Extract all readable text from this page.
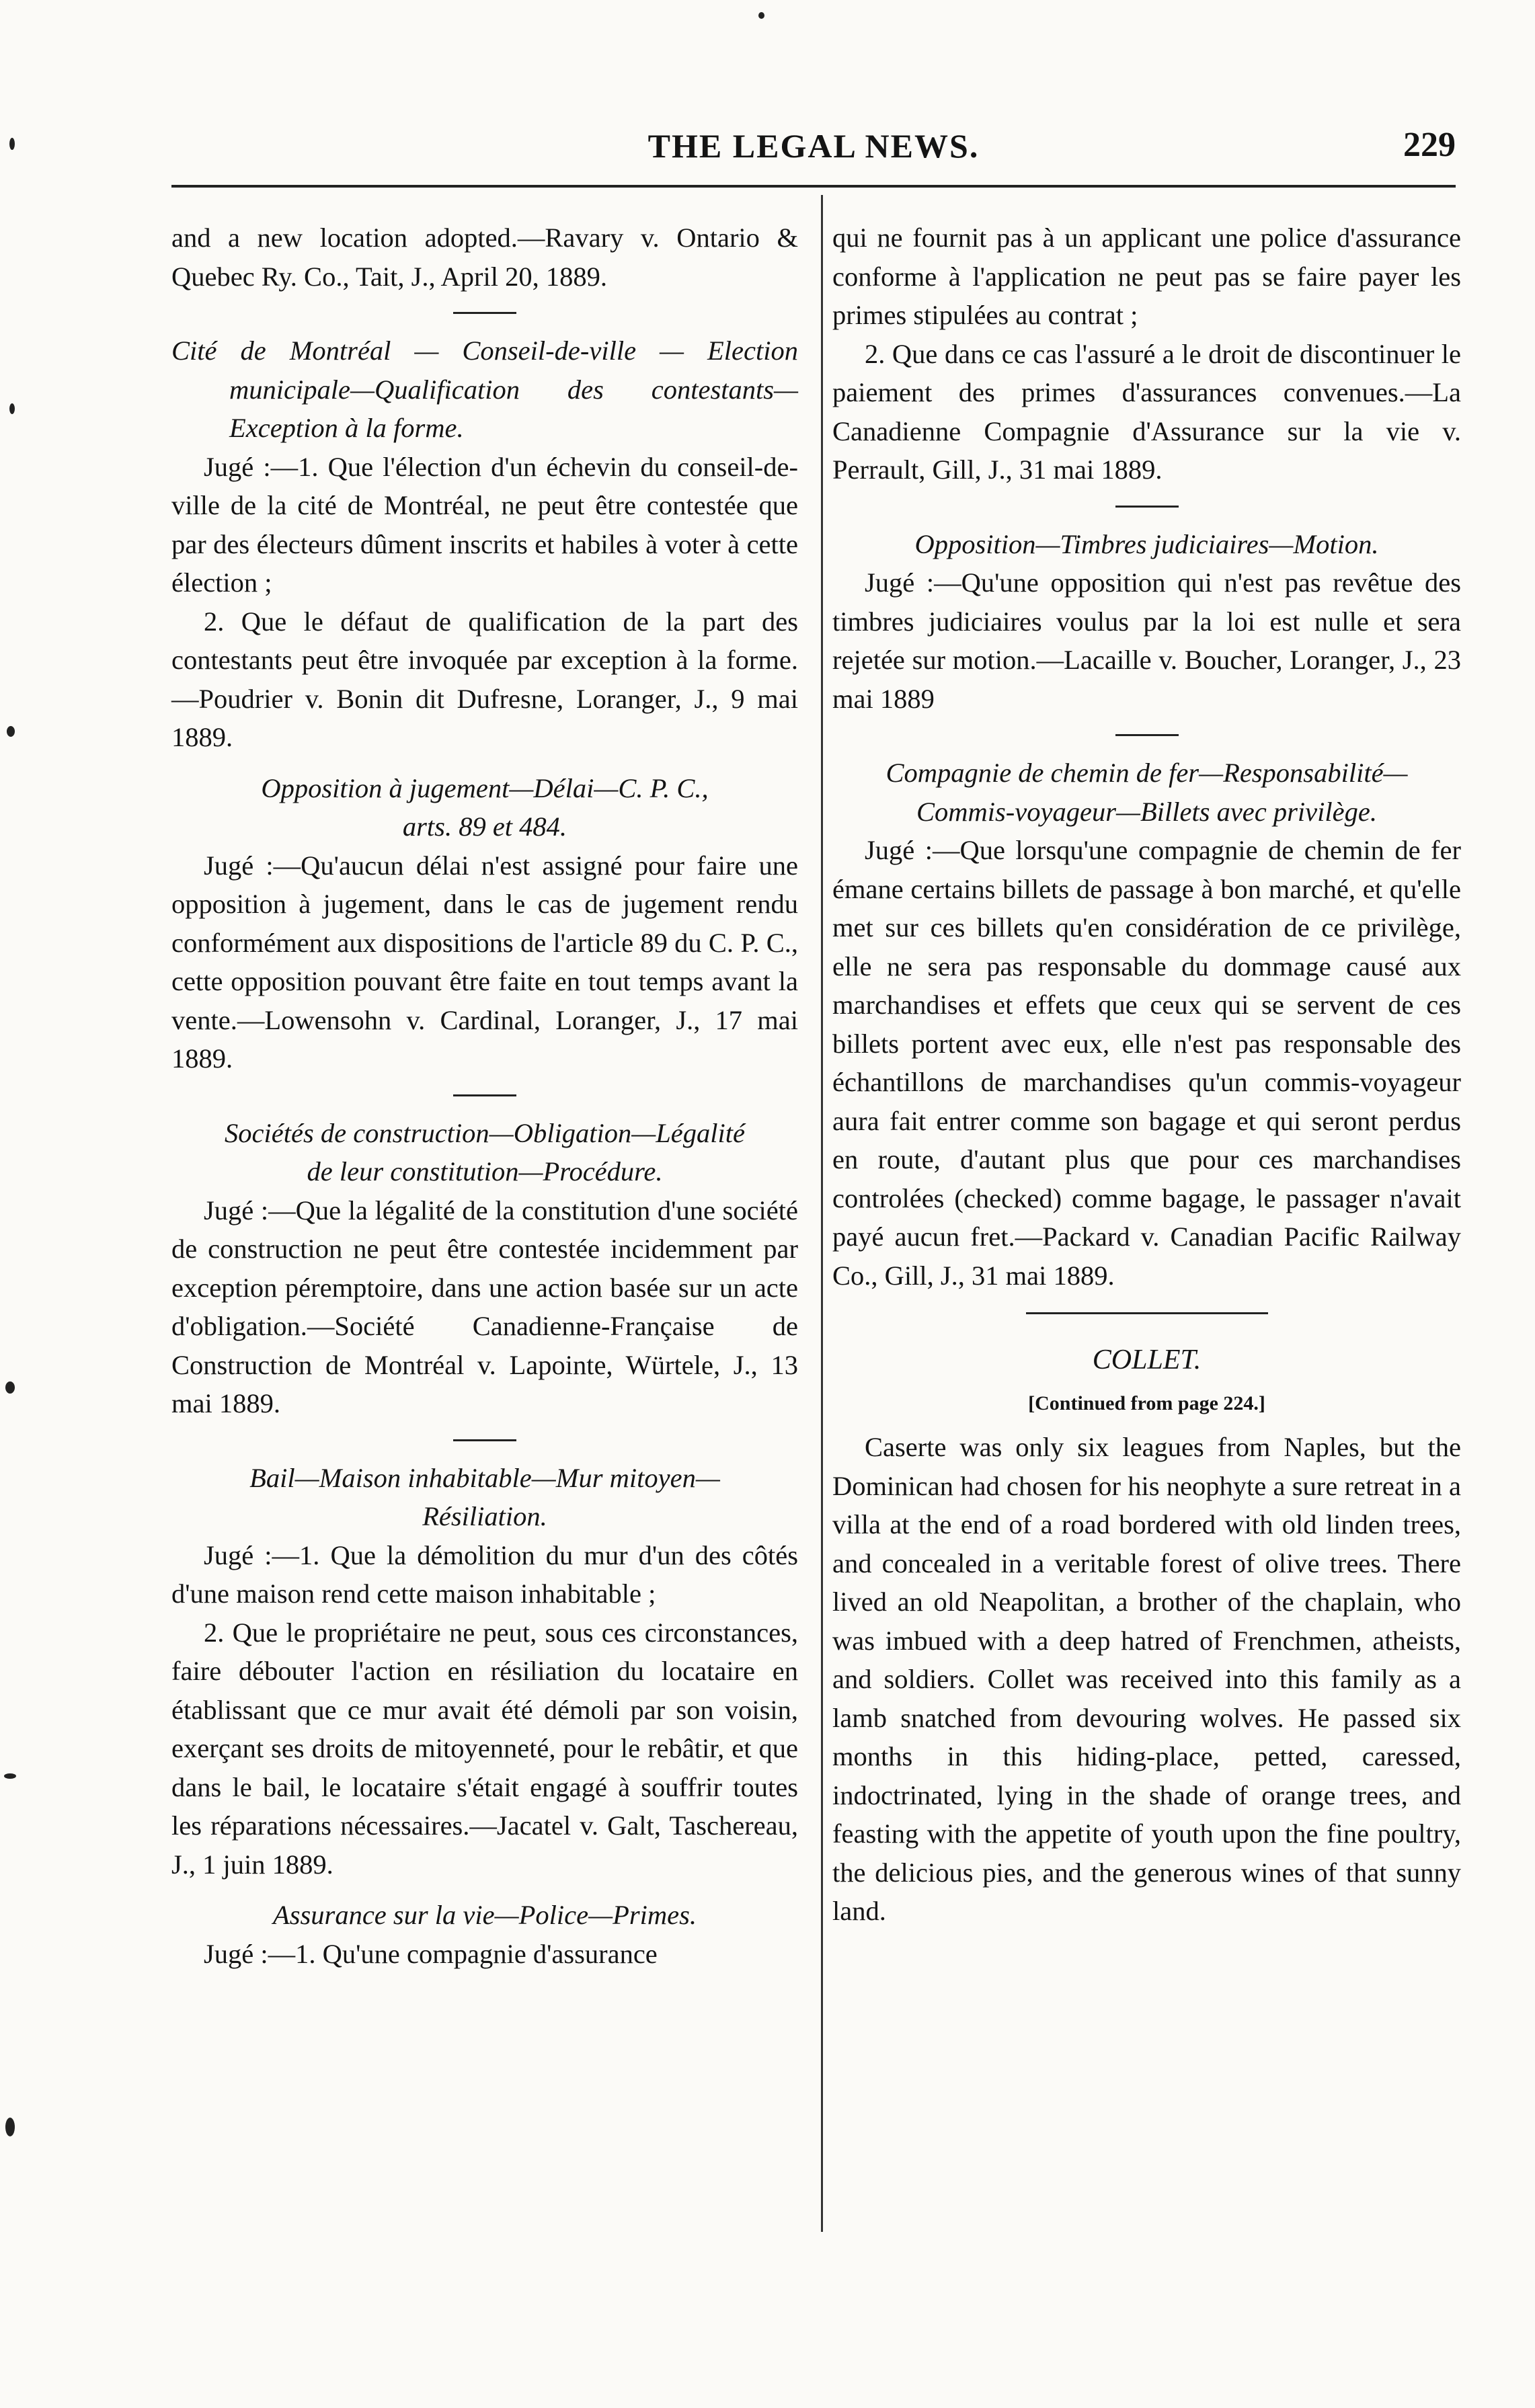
THE LEGAL NEWS.	229

and a new location adopted.—Ravary v. Ontario & Quebec Ry. Co., Tait, J., April 20, 1889.

Cité de Montréal — Conseil-de-ville — Election municipale—Qualification des contestants—Exception à la forme.

Jugé :—1. Que l'élection d'un échevin du conseil-de-ville de la cité de Montréal, ne peut être contestée que par des électeurs dûment inscrits et habiles à voter à cette élection ;

2. Que le défaut de qualification de la part des contestants peut être invoquée par exception à la forme.—Poudrier v. Bonin dit Dufresne, Loranger, J., 9 mai 1889.

Opposition à jugement—Délai—C. P. C.,

arts. 89 et 484.

Jugé :—Qu'aucun délai n'est assigné pour faire une opposition à jugement, dans le cas de jugement rendu conformément aux dispositions de l'article 89 du C. P. C., cette opposition pouvant être faite en tout temps avant la vente.—Lowensohn v. Cardinal, Loranger, J., 17 mai 1889.

Sociétés de construction—Obligation—Légalité

de leur constitution—Procédure.

Jugé :—Que la légalité de la constitution d'une société de construction ne peut être contestée incidemment par exception péremptoire, dans une action basée sur un acte d'obligation.—Société Canadienne-Française de Construction de Montréal v. Lapointe, Würtele, J., 13 mai 1889.

Bail—Maison inhabitable—Mur mitoyen—

Résiliation.

Jugé :—1. Que la démolition du mur d'un des côtés d'une maison rend cette maison inhabitable ;

2. Que le propriétaire ne peut, sous ces circonstances, faire débouter l'action en résiliation du locataire en établissant que ce mur avait été démoli par son voisin, exerçant ses droits de mitoyenneté, pour le rebâtir, et que dans le bail, le locataire s'était engagé à souffrir toutes les réparations nécessaires.—Jacatel v. Galt, Taschereau, J., 1 juin 1889.

Assurance sur la vie—Police—Primes.

Jugé :—1. Qu'une compagnie d'assurance

qui ne fournit pas à un applicant une police d'assurance conforme à l'application ne peut pas se faire payer les primes stipulées au contrat ;

2. Que dans ce cas l'assuré a le droit de discontinuer le paiement des primes d'assurances convenues.—La Canadienne Compagnie d'Assurance sur la vie v. Perrault, Gill, J., 31 mai 1889.

Opposition—Timbres judiciaires—Motion.

Jugé :—Qu'une opposition qui n'est pas revêtue des timbres judiciaires voulus par la loi est nulle et sera rejetée sur motion.—Lacaille v. Boucher, Loranger, J., 23 mai 1889

Compagnie de chemin de fer—Responsabilité—

Commis-voyageur—Billets avec privilège.

Jugé :—Que lorsqu'une compagnie de chemin de fer émane certains billets de passage à bon marché, et qu'elle met sur ces billets qu'en considération de ce privilège, elle ne sera pas responsable du dommage causé aux marchandises et effets que ceux qui se servent de ces billets portent avec eux, elle n'est pas responsable des échantillons de marchandises qu'un commis-voyageur aura fait entrer comme son bagage et qui seront perdus en route, d'autant plus que pour ces marchandises controlées (checked) comme bagage, le passager n'avait payé aucun fret.—Packard v. Canadian Pacific Railway Co., Gill, J., 31 mai 1889.

COLLET.

[Continued from page 224.]

Caserte was only six leagues from Naples, but the Dominican had chosen for his neophyte a sure retreat in a villa at the end of a road bordered with old linden trees, and concealed in a veritable forest of olive trees. There lived an old Neapolitan, a brother of the chaplain, who was imbued with a deep hatred of Frenchmen, atheists, and soldiers. Collet was received into this family as a lamb snatched from devouring wolves. He passed six months in this hiding-place, petted, caressed, indoctrinated, lying in the shade of orange trees, and feasting with the appetite of youth upon the fine poultry, the delicious pies, and the generous wines of that sunny land.
